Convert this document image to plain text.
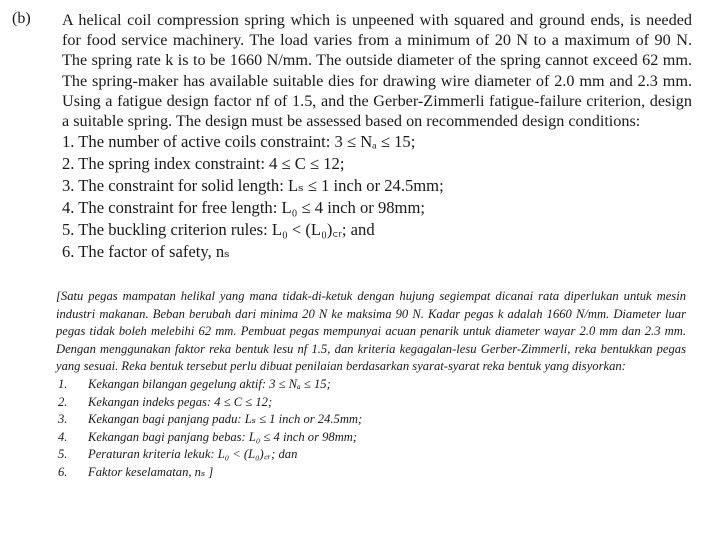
(b) A helical coil compression spring which is unpeened with squared and ground ends, is needed for food service machinery. The load varies from a minimum of 20 N to a maximum of 90 N. The spring rate k is to be 1660 N/mm. The outside diameter of the spring cannot exceed 62 mm. The spring-maker has available suitable dies for drawing wire diameter of 2.0 mm and 2.3 mm. Using a fatigue design factor nf of 1.5, and the Gerber-Zimmerli fatigue-failure criterion, design a suitable spring. The design must be assessed based on recommended design conditions:

1. The number of active coils constraint: 3 ≤ Nₐ ≤ 15;
2. The spring index constraint: 4 ≤ C ≤ 12;
3. The constraint for solid length: Lₛ ≤ 1 inch or 24.5mm;
4. The constraint for free length: L₀ ≤ 4 inch or 98mm;
5. The buckling criterion rules: L₀ < (L₀)꜀ᵣ; and
6. The factor of safety, nₛ

[Satu pegas mampatan helikal yang mana tidak-di-ketuk dengan hujung segiempat dicanai rata diperlukan untuk mesin industri makanan. Beban berubah dari minima 20 N ke maksima 90 N. Kadar pegas k adalah 1660 N/mm. Diameter luar pegas tidak boleh melebihi 62 mm. Pembuat pegas mempunyai acuan penarik untuk diameter wayar 2.0 mm dan 2.3 mm. Dengan menggunakan faktor reka bentuk lesu nf 1.5, dan kriteria kegagalan-lesu Gerber-Zimmerli, reka bentukkan pegas yang sesuai. Reka bentuk tersebut perlu dibuat penilaian berdasarkan syarat-syarat reka bentuk yang disyorkan:

1.	Kekangan bilangan gegelung aktif: 3 ≤ Nₐ ≤ 15;
2.	Kekangan indeks pegas: 4 ≤ C ≤ 12;
3.	Kekangan bagi panjang padu: Lₛ ≤ 1 inch or 24.5mm;
4.	Kekangan bagi panjang bebas: L₀ ≤ 4 inch or 98mm;
5.	Peraturan kriteria lekuk: L₀ < (L₀)꜀ᵣ; dan
6.	Faktor keselamatan, nₛ ]
